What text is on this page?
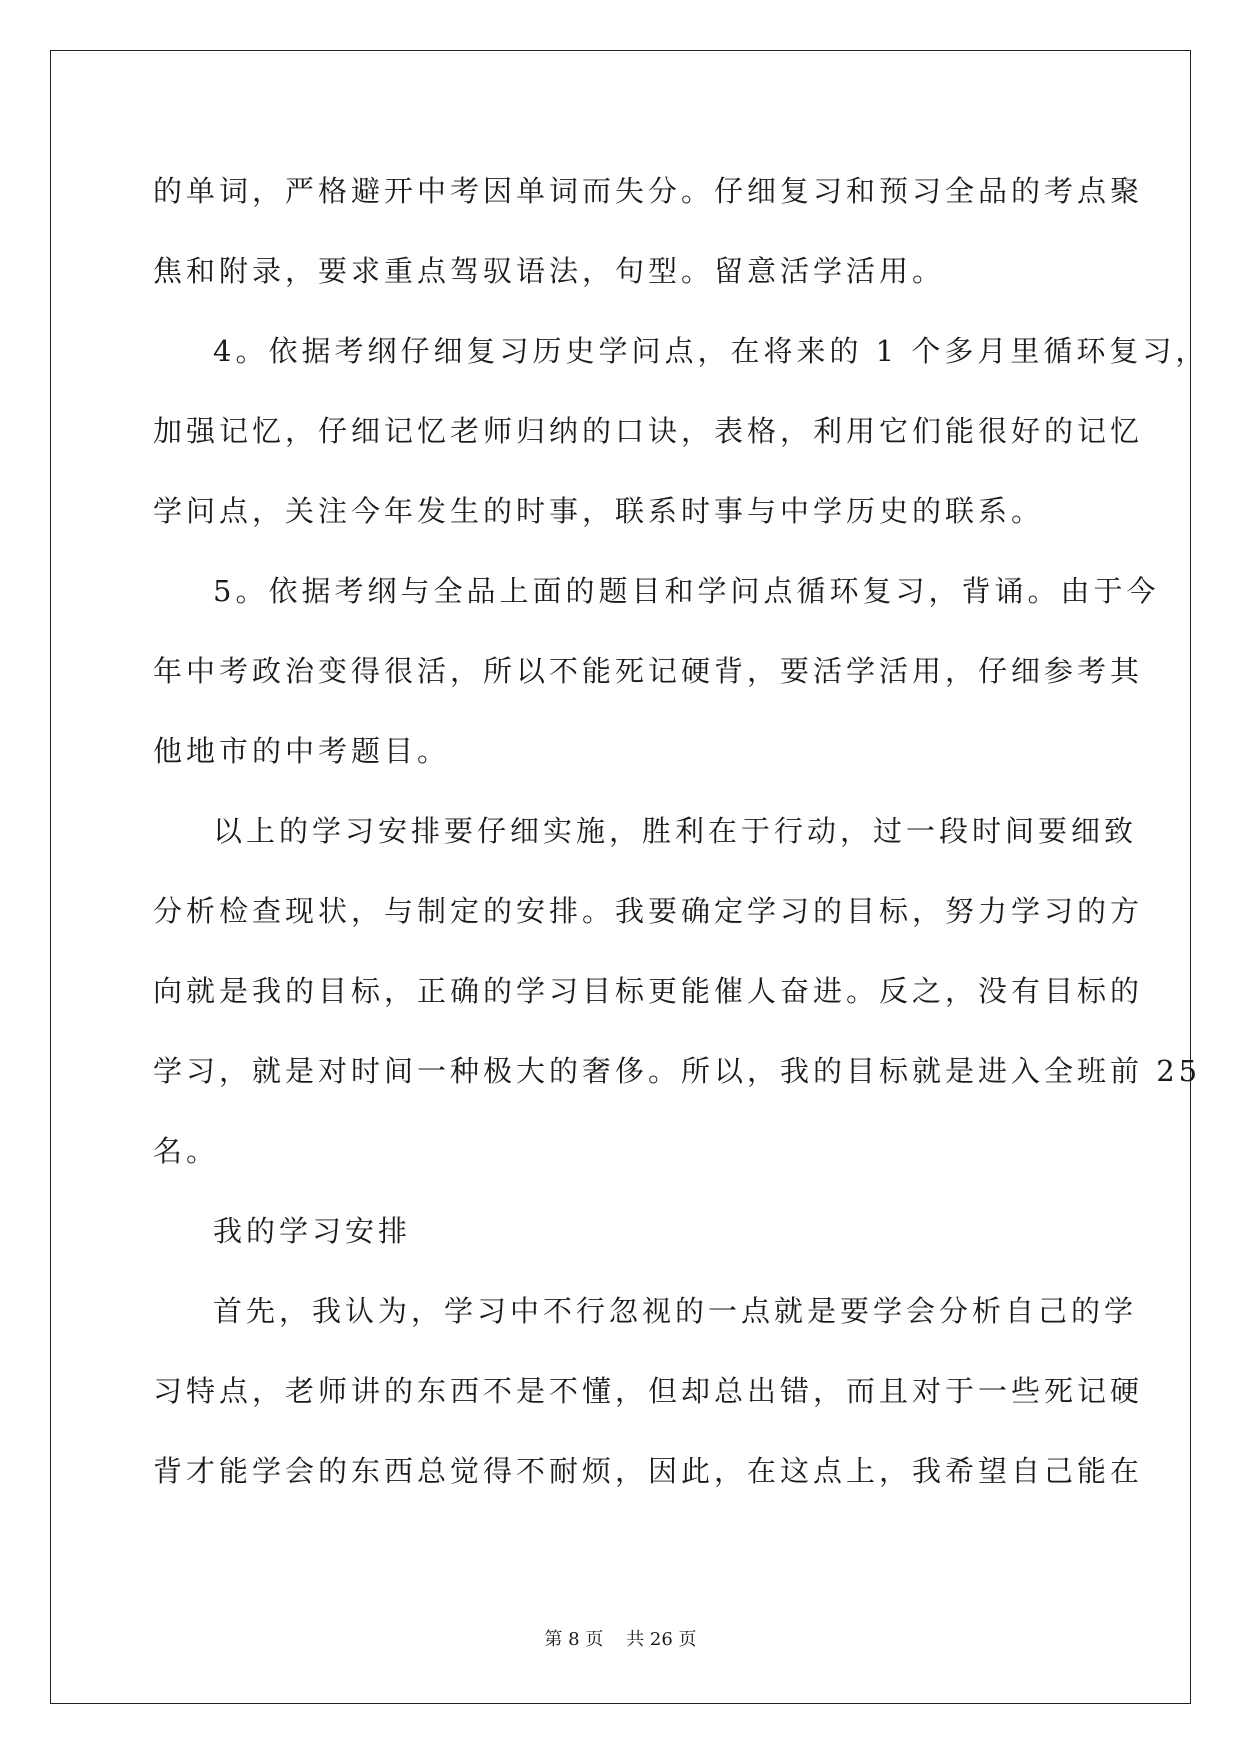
的单词，严格避开中考因单词而失分。仔细复习和预习全品的考点聚
焦和附录，要求重点驾驭语法，句型。留意活学活用。
4。依据考纲仔细复习历史学问点，在将来的 1 个多月里循环复习，
加强记忆，仔细记忆老师归纳的口诀，表格，利用它们能很好的记忆
学问点，关注今年发生的时事，联系时事与中学历史的联系。
5。依据考纲与全品上面的题目和学问点循环复习，背诵。由于今
年中考政治变得很活，所以不能死记硬背，要活学活用，仔细参考其
他地市的中考题目。
以上的学习安排要仔细实施，胜利在于行动，过一段时间要细致
分析检查现状，与制定的安排。我要确定学习的目标，努力学习的方
向就是我的目标，正确的学习目标更能催人奋进。反之，没有目标的
学习，就是对时间一种极大的奢侈。所以，我的目标就是进入全班前 25
名。
我的学习安排
首先，我认为，学习中不行忽视的一点就是要学会分析自己的学
习特点，老师讲的东西不是不懂，但却总出错，而且对于一些死记硬
背才能学会的东西总觉得不耐烦，因此，在这点上，我希望自己能在
第 8 页    共 26 页
